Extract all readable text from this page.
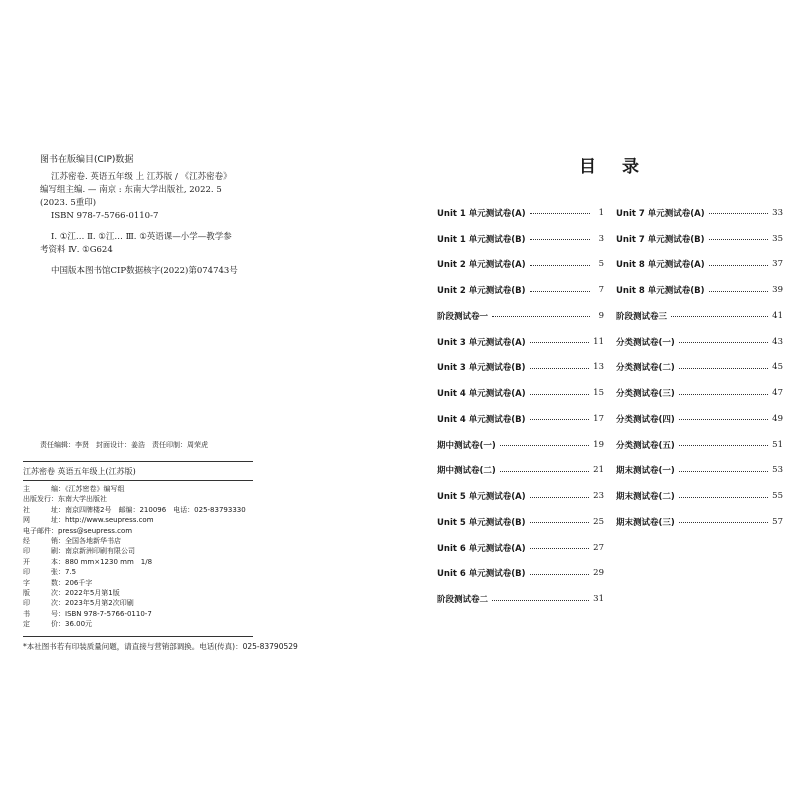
图书在版编目(CIP)数据
江苏密卷. 英语五年级 上 江苏版 / 《江苏密卷》
编写组主编. — 南京 : 东南大学出版社, 2022. 5
(2023. 5重印)
ISBN 978-7-5766-0110-7
Ⅰ. ①江… Ⅱ. ①江… Ⅲ. ①英语课—小学—教学参
考资料 Ⅳ. ①G624
中国版本图书馆CIP数据核字(2022)第074743号
责任编辑：李贤　封面设计：姜浩　责任印制：周荣虎
江苏密卷 英语五年级上(江苏版)
主	编：《江苏密卷》编写组
出版发行 ：东南大学出版社
社	址：南京四牌楼2号　邮编：210096　电话：025-83793330
网	址：http://www.seupress.com
电子邮件 ：press@seupress.com
经	销：全国各地新华书店
印	刷：南京新洲印刷有限公司
开	本：880 mm×1230 mm　1/8
印	张：7.5
字	数：206千字
版	次：2022年5月第1版
印	次：2023年5月第2次印刷
书	号：ISBN 978-7-5766-0110-7
定	价：36.00元
*本社图书若有印装质量问题，请直接与营销部调换。电话(传真)：025-83790529
目录
Unit 1 单元测试卷(A)	1
Unit 1 单元测试卷(B)	3
Unit 2 单元测试卷(A)	5
Unit 2 单元测试卷(B)	7
阶段测试卷一	9
Unit 3 单元测试卷(A)	11
Unit 3 单元测试卷(B)	13
Unit 4 单元测试卷(A)	15
Unit 4 单元测试卷(B)	17
期中测试卷(一)	19
期中测试卷(二)	21
Unit 5 单元测试卷(A)	23
Unit 5 单元测试卷(B)	25
Unit 6 单元测试卷(A)	27
Unit 6 单元测试卷(B)	29
阶段测试卷二	31
Unit 7 单元测试卷(A)	33
Unit 7 单元测试卷(B)	35
Unit 8 单元测试卷(A)	37
Unit 8 单元测试卷(B)	39
阶段测试卷三	41
分类测试卷(一)	43
分类测试卷(二)	45
分类测试卷(三)	47
分类测试卷(四)	49
分类测试卷(五)	51
期末测试卷(一)	53
期末测试卷(二)	55
期末测试卷(三)	57
